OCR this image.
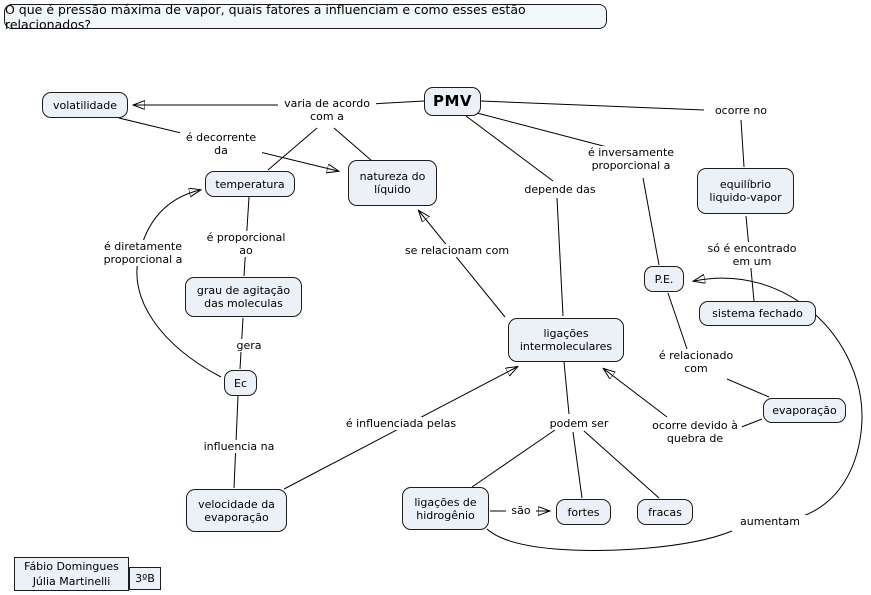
O que é pressão máxima de vapor, quais fatores a influenciam e como esses estão relacionados?
PMV
volatilidade
temperatura
natureza do líquido	equilíbrio liquido-vapor
P.E.
sistema fechado
grau de agitação das moleculas
Ec
ligações intermoleculares
evaporação
velocidade da evaporação
ligações de hidrogênio	fortes	fracas
varia de acordo com a
é decorrente da
ocorre no
é inversamente proporcional a
depende das
se relacionam com
é proporcional ao
é diretamente proporcional a
só é encontrado em um
gera
é relacionado com
influencia na
é influenciada pelas	podem ser	ocorre devido à quebra de
são
aumentam
Fábio Domingues
Júlia Martinelli 3ºB
